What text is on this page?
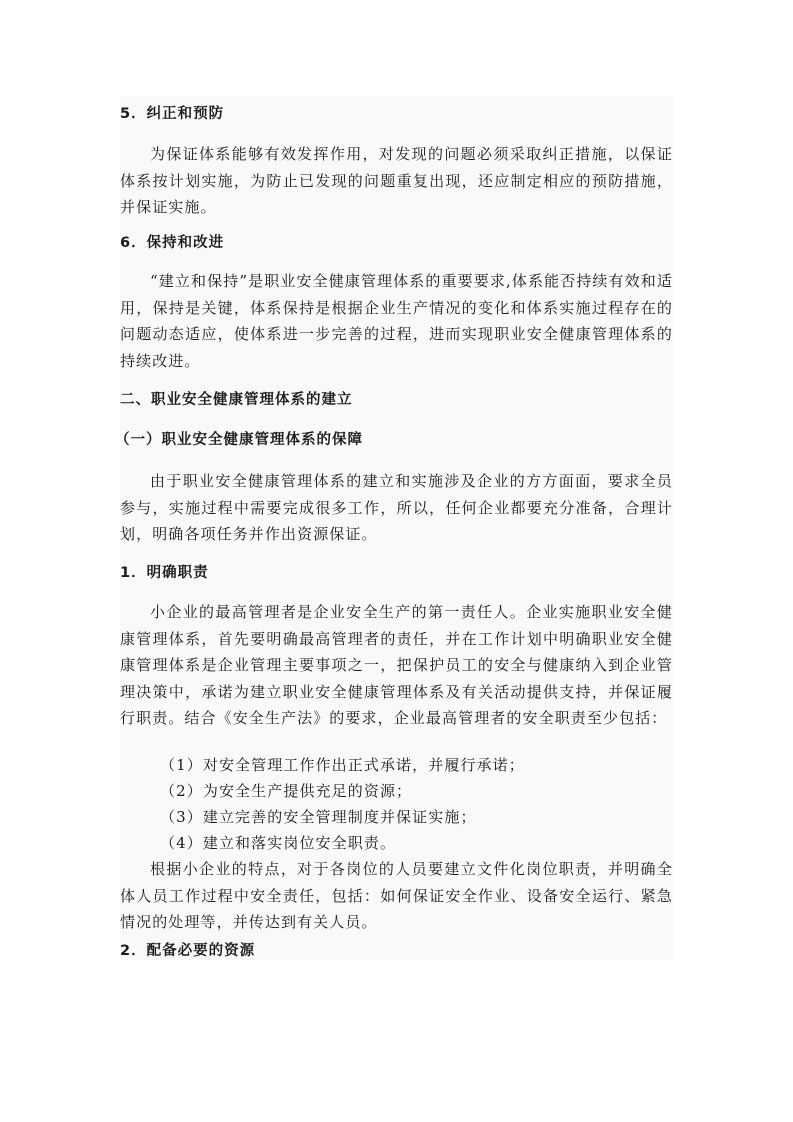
5．纠正和预防
为保证体系能够有效发挥作用，对发现的问题必须采取纠正措施，以保证体系按计划实施，为防止已发现的问题重复出现，还应制定相应的预防措施，并保证实施。
6．保持和改进
“建立和保持”是职业安全健康管理体系的重要要求,体系能否持续有效和适用，保持是关键，体系保持是根据企业生产情况的变化和体系实施过程存在的问题动态适应，使体系进一步完善的过程，进而实现职业安全健康管理体系的持续改进。
二、职业安全健康管理体系的建立
（一）职业安全健康管理体系的保障
由于职业安全健康管理体系的建立和实施涉及企业的方方面面，要求全员参与，实施过程中需要完成很多工作，所以，任何企业都要充分准备，合理计划，明确各项任务并作出资源保证。
1．明确职责
小企业的最高管理者是企业安全生产的第一责任人。企业实施职业安全健康管理体系，首先要明确最高管理者的责任，并在工作计划中明确职业安全健康管理体系是企业管理主要事项之一，把保护员工的安全与健康纳入到企业管理决策中，承诺为建立职业安全健康管理体系及有关活动提供支持，并保证履行职责。结合《安全生产法》的要求，企业最高管理者的安全职责至少包括：
（1）对安全管理工作作出正式承诺，并履行承诺；
（2）为安全生产提供充足的资源；
（3）建立完善的安全管理制度并保证实施；
（4）建立和落实岗位安全职责。
根据小企业的特点，对于各岗位的人员要建立文件化岗位职责，并明确全体人员工作过程中安全责任，包括：如何保证安全作业、设备安全运行、紧急情况的处理等，并传达到有关人员。
2．配备必要的资源
